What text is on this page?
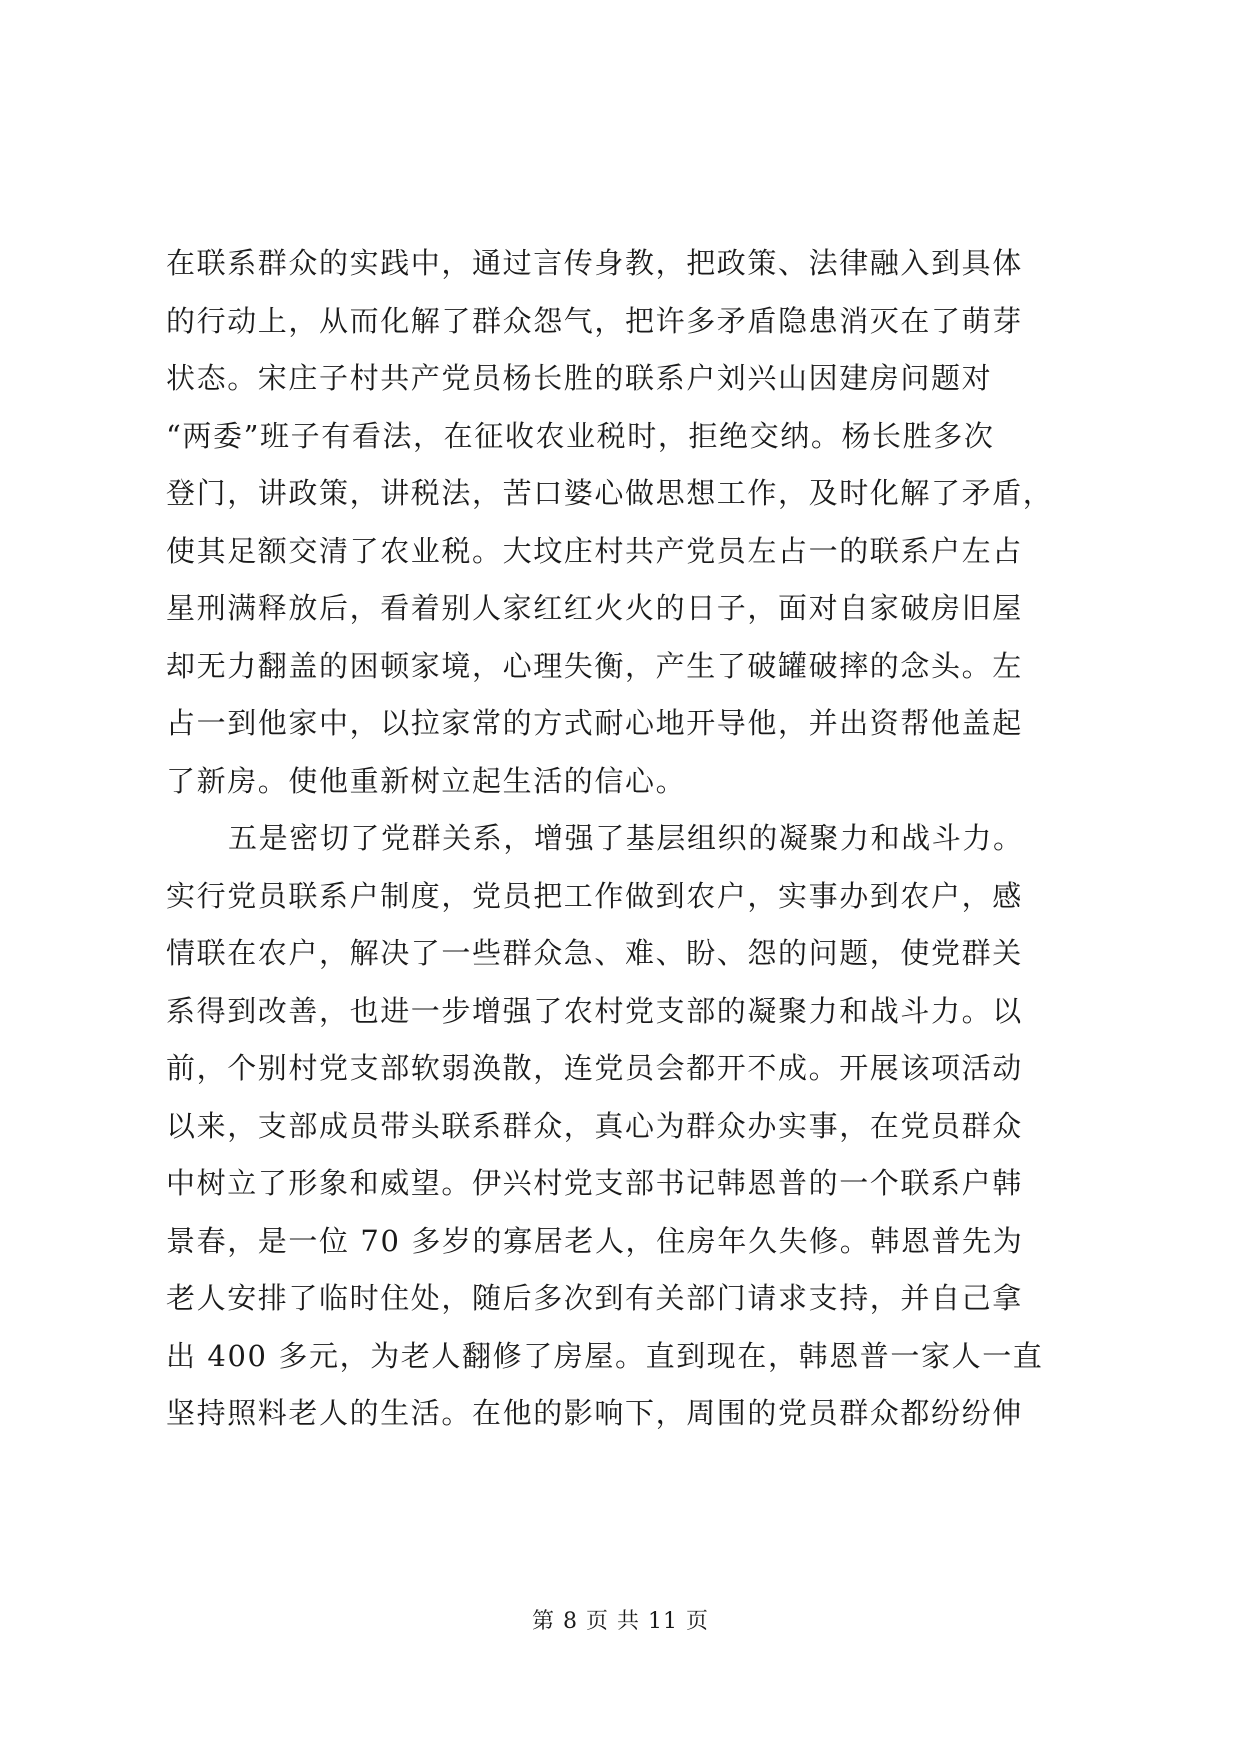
在联系群众的实践中，通过言传身教，把政策、法律融入到具体
的行动上，从而化解了群众怨气，把许多矛盾隐患消灭在了萌芽
状态。宋庄子村共产党员杨长胜的联系户刘兴山因建房问题对
“两委”班子有看法，在征收农业税时，拒绝交纳。杨长胜多次
登门，讲政策，讲税法，苦口婆心做思想工作，及时化解了矛盾，
使其足额交清了农业税。大坟庄村共产党员左占一的联系户左占
星刑满释放后，看着别人家红红火火的日子，面对自家破房旧屋
却无力翻盖的困顿家境，心理失衡，产生了破罐破摔的念头。左
占一到他家中，以拉家常的方式耐心地开导他，并出资帮他盖起
了新房。使他重新树立起生活的信心。
五是密切了党群关系，增强了基层组织的凝聚力和战斗力。
实行党员联系户制度，党员把工作做到农户，实事办到农户，感
情联在农户，解决了一些群众急、难、盼、怨的问题，使党群关
系得到改善，也进一步增强了农村党支部的凝聚力和战斗力。以
前，个别村党支部软弱涣散，连党员会都开不成。开展该项活动
以来，支部成员带头联系群众，真心为群众办实事，在党员群众
中树立了形象和威望。伊兴村党支部书记韩恩普的一个联系户韩
景春，是一位 70 多岁的寡居老人，住房年久失修。韩恩普先为
老人安排了临时住处，随后多次到有关部门请求支持，并自己拿
出 400 多元，为老人翻修了房屋。直到现在，韩恩普一家人一直
坚持照料老人的生活。在他的影响下，周围的党员群众都纷纷伸
第 8 页 共 11 页
